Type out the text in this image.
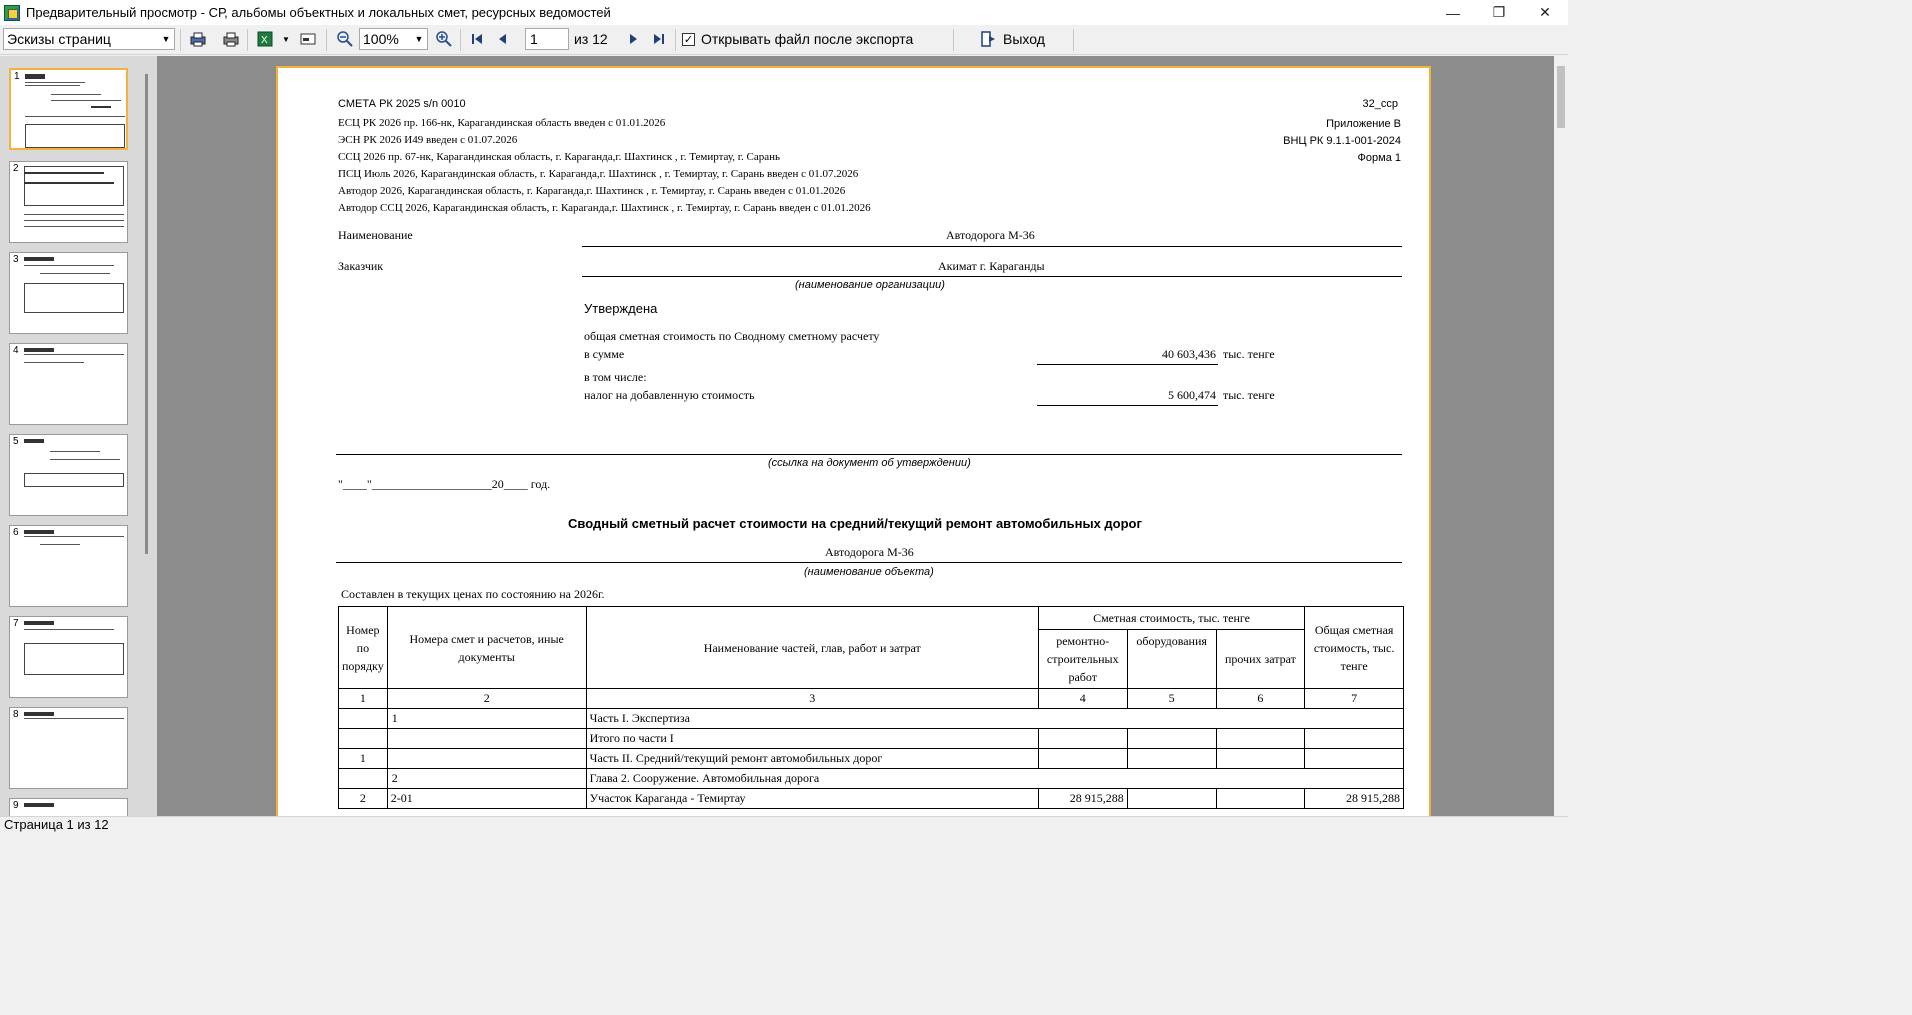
Предварительный просмотр - СР, альбомы объектных и локальных смет, ресурсных ведомостей	—	❐	✕
Эскизы страниц	▼	X ▼	100%	▼	1	из 12	✓ Открывать файл после экспорта	Выход
1
2
3
4
5
6
7
8
9
СМЕТА РК 2025 s/n 0010
ЕСЦ РК 2026 пр. 166-нк, Карагандинская область введен с 01.01.2026
ЭСН РК 2026 И49 введен с 01.07.2026
ССЦ 2026 пр. 67-нк, Карагандинская область, г. Караганда,г. Шахтинск , г. Темиртау, г. Сарань
ПСЦ Июль 2026, Карагандинская область, г. Караганда,г. Шахтинск , г. Темиртау, г. Сарань введен с 01.07.2026
Автодор 2026, Карагандинская область, г. Караганда,г. Шахтинск , г. Темиртау, г. Сарань введен с 01.01.2026
Автодор ССЦ 2026, Карагандинская область, г. Караганда,г. Шахтинск , г. Темиртау, г. Сарань введен с 01.01.2026
32_сср
Приложение В
ВНЦ РК 9.1.1-001-2024
Форма 1
Наименование	Автодорога М-36
Заказчик	Акимат г. Караганды
(наименование организации)
Утверждена
общая сметная стоимость по Сводному сметному расчету
в сумме	40 603,436 тыс. тенге
в том числе:
налог на добавленную стоимость	5 600,474 тыс. тенге
(ссылка на документ об утверждении)
"____"____________________20____ год.
Сводный сметный расчет стоимости на средний/текущий ремонт автомобильных дорог
Автодорога М-36
(наименование объекта)
Составлен в текущих ценах по состоянию на 2026г.
Номер по порядку	Номера смет и расчетов, иные документы	Наименование частей, глав, работ и затрат	Сметная стоимость, тыс. тенге			Общая сметная стоимость, тыс. тенге
			ремонтно-строительных работ	оборудования	прочих затрат	
1	2	3	4	5	6	7
	1	Часть I. Экспертиза				
		Итого по части I				
1		Часть II. Средний/текущий ремонт автомобильных дорог				
	2	Глава 2. Сооружение. Автомобильная дорога				
2	2-01	Участок Караганда - Темиртау	28 915,288			28 915,288
Страница 1 из 12
